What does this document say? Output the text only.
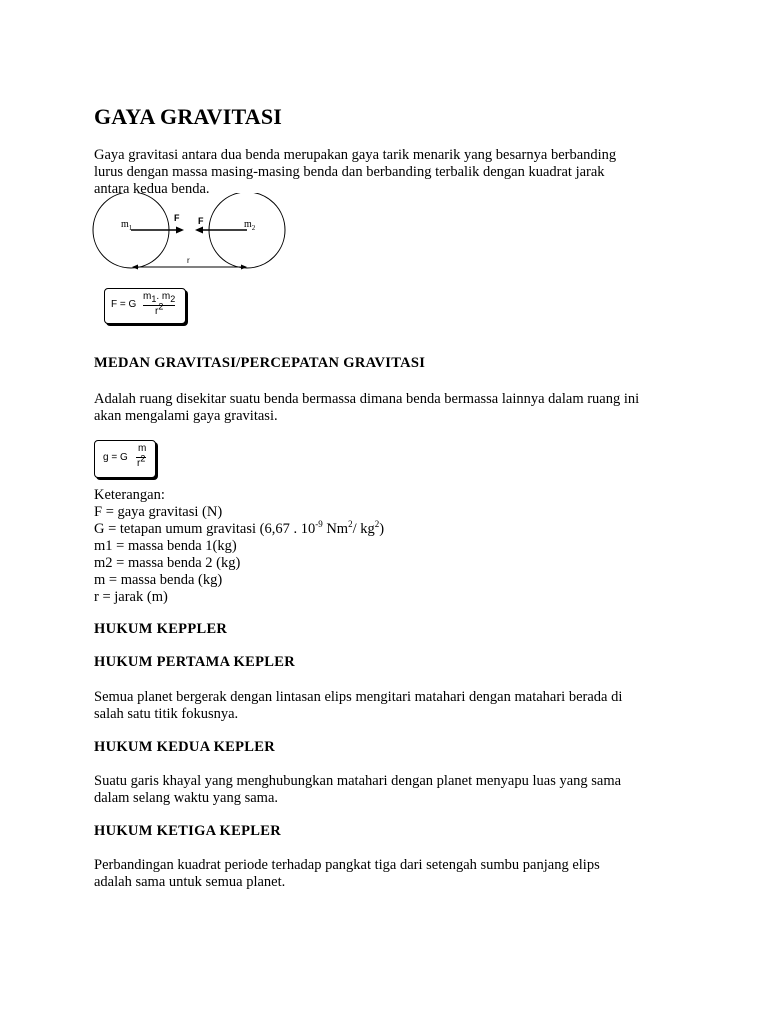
GAYA GRAVITASI
Gaya gravitasi antara dua benda merupakan gaya tarik menarik yang besarnya berbanding
lurus dengan massa masing-masing benda dan berbanding terbalik dengan kuadrat jarak
antara kedua benda.
$m_1$	$m_2$
F F
r
F = G
$m_1$. $m_2$
$r^2$
MEDAN GRAVITASI/PERCEPATAN GRAVITASI
Adalah ruang disekitar suatu benda bermassa dimana benda bermassa lainnya dalam ruang ini
akan mengalami gaya gravitasi.
g = G
m
$r^2$
Keterangan:
F = gaya gravitasi (N)
G = tetapan umum gravitasi (6,67 . $10^{-9}$ Nm$^2$/ $kg^2$)
m1 = massa benda 1(kg)
m2 = massa benda 2 (kg)
m = massa benda (kg)
r = jarak (m)
HUKUM KEPPLER
HUKUM PERTAMA KEPLER
Semua planet bergerak dengan lintasan elips mengitari matahari dengan matahari berada di
salah satu titik fokusnya.
HUKUM KEDUA KEPLER
Suatu garis khayal yang menghubungkan matahari dengan planet menyapu luas yang sama
dalam selang waktu yang sama.
HUKUM KETIGA KEPLER
Perbandingan kuadrat periode terhadap pangkat tiga dari setengah sumbu panjang elips
adalah sama untuk semua planet.
